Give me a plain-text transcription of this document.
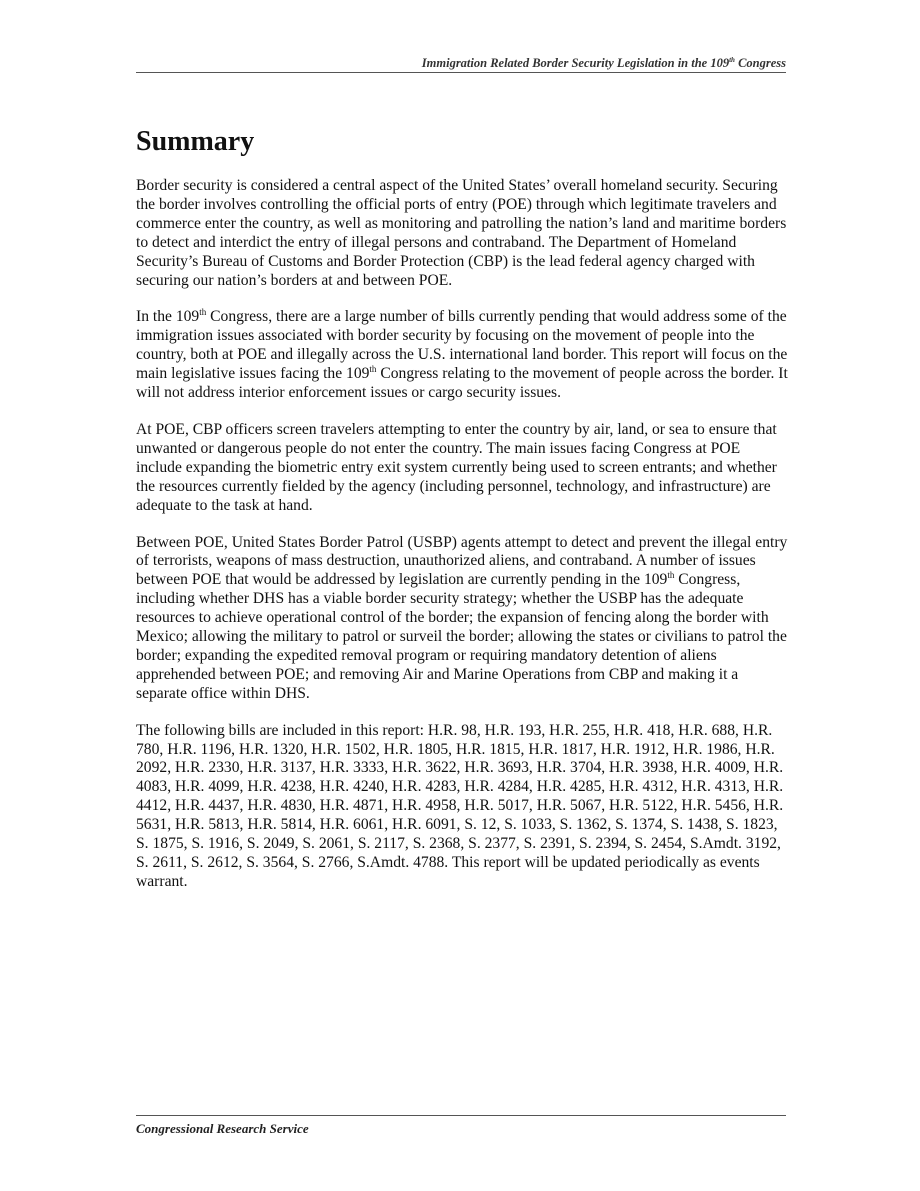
Immigration Related Border Security Legislation in the 109th Congress
Summary

Border security is considered a central aspect of the United States’ overall homeland security. Securing the border involves controlling the official ports of entry (POE) through which legitimate travelers and commerce enter the country, as well as monitoring and patrolling the nation’s land and maritime borders to detect and interdict the entry of illegal persons and contraband. The Department of Homeland Security’s Bureau of Customs and Border Protection (CBP) is the lead federal agency charged with securing our nation’s borders at and between POE.

In the 109th Congress, there are a large number of bills currently pending that would address some of the immigration issues associated with border security by focusing on the movement of people into the country, both at POE and illegally across the U.S. international land border. This report will focus on the main legislative issues facing the 109th Congress relating to the movement of people across the border. It will not address interior enforcement issues or cargo security issues.

At POE, CBP officers screen travelers attempting to enter the country by air, land, or sea to ensure that unwanted or dangerous people do not enter the country. The main issues facing Congress at POE include expanding the biometric entry exit system currently being used to screen entrants; and whether the resources currently fielded by the agency (including personnel, technology, and infrastructure) are adequate to the task at hand.

Between POE, United States Border Patrol (USBP) agents attempt to detect and prevent the illegal entry of terrorists, weapons of mass destruction, unauthorized aliens, and contraband. A number of issues between POE that would be addressed by legislation are currently pending in the 109th Congress, including whether DHS has a viable border security strategy; whether the USBP has the adequate resources to achieve operational control of the border; the expansion of fencing along the border with Mexico; allowing the military to patrol or surveil the border; allowing the states or civilians to patrol the border; expanding the expedited removal program or requiring mandatory detention of aliens apprehended between POE; and removing Air and Marine Operations from CBP and making it a separate office within DHS.

The following bills are included in this report: H.R. 98, H.R. 193, H.R. 255, H.R. 418, H.R. 688, H.R. 780, H.R. 1196, H.R. 1320, H.R. 1502, H.R. 1805, H.R. 1815, H.R. 1817, H.R. 1912, H.R. 1986, H.R. 2092, H.R. 2330, H.R. 3137, H.R. 3333, H.R. 3622, H.R. 3693, H.R. 3704, H.R. 3938, H.R. 4009, H.R. 4083, H.R. 4099, H.R. 4238, H.R. 4240, H.R. 4283, H.R. 4284, H.R. 4285, H.R. 4312, H.R. 4313, H.R. 4412, H.R. 4437, H.R. 4830, H.R. 4871, H.R. 4958, H.R. 5017, H.R. 5067, H.R. 5122, H.R. 5456, H.R. 5631, H.R. 5813, H.R. 5814, H.R. 6061, H.R. 6091, S. 12, S. 1033, S. 1362, S. 1374, S. 1438, S. 1823, S. 1875, S. 1916, S. 2049, S. 2061, S. 2117, S. 2368, S. 2377, S. 2391, S. 2394, S. 2454, S.Amdt. 3192, S. 2611, S. 2612, S. 3564, S. 2766, S.Amdt. 4788. This report will be updated periodically as events warrant.

Congressional Research Service
